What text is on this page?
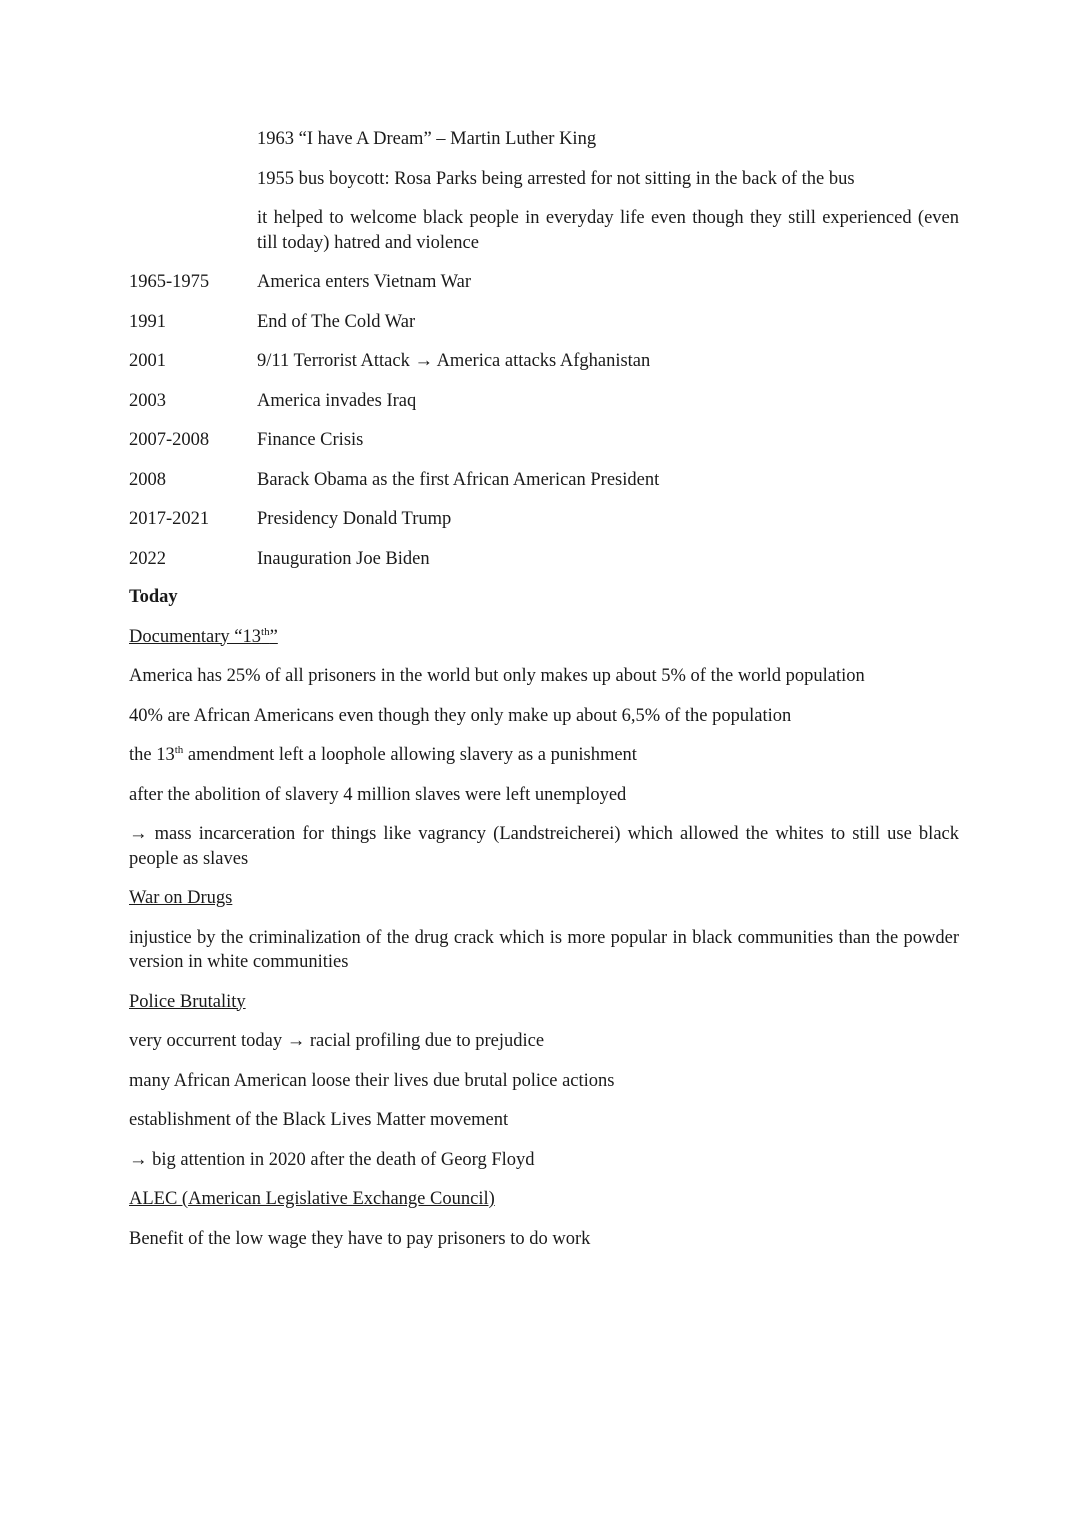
1963 “I have A Dream” – Martin Luther King
1955 bus boycott: Rosa Parks being arrested for not sitting in the back of the bus
it helped to welcome black people in everyday life even though they still experienced (even till today) hatred and violence
1965-1975	America enters Vietnam War
1991	End of The Cold War
2001	9/11 Terrorist Attack → America attacks Afghanistan
2003	America invades Iraq
2007-2008	Finance Crisis
2008	Barack Obama as the first African American President
2017-2021	Presidency Donald Trump
2022	Inauguration Joe Biden
Today
Documentary “13th”
America has 25% of all prisoners in the world but only makes up about 5% of the world population
40% are African Americans even though they only make up about 6,5% of the population
the 13th amendment left a loophole allowing slavery as a punishment
after the abolition of slavery 4 million slaves were left unemployed
→ mass incarceration for things like vagrancy (Landstreicherei) which allowed the whites to still use black people as slaves
War on Drugs
injustice by the criminalization of the drug crack which is more popular in black communities than the powder version in white communities
Police Brutality
very occurrent today → racial profiling due to prejudice
many African American loose their lives due brutal police actions
establishment of the Black Lives Matter movement
→ big attention in 2020 after the death of Georg Floyd
ALEC (American Legislative Exchange Council)
Benefit of the low wage they have to pay prisoners to do work
